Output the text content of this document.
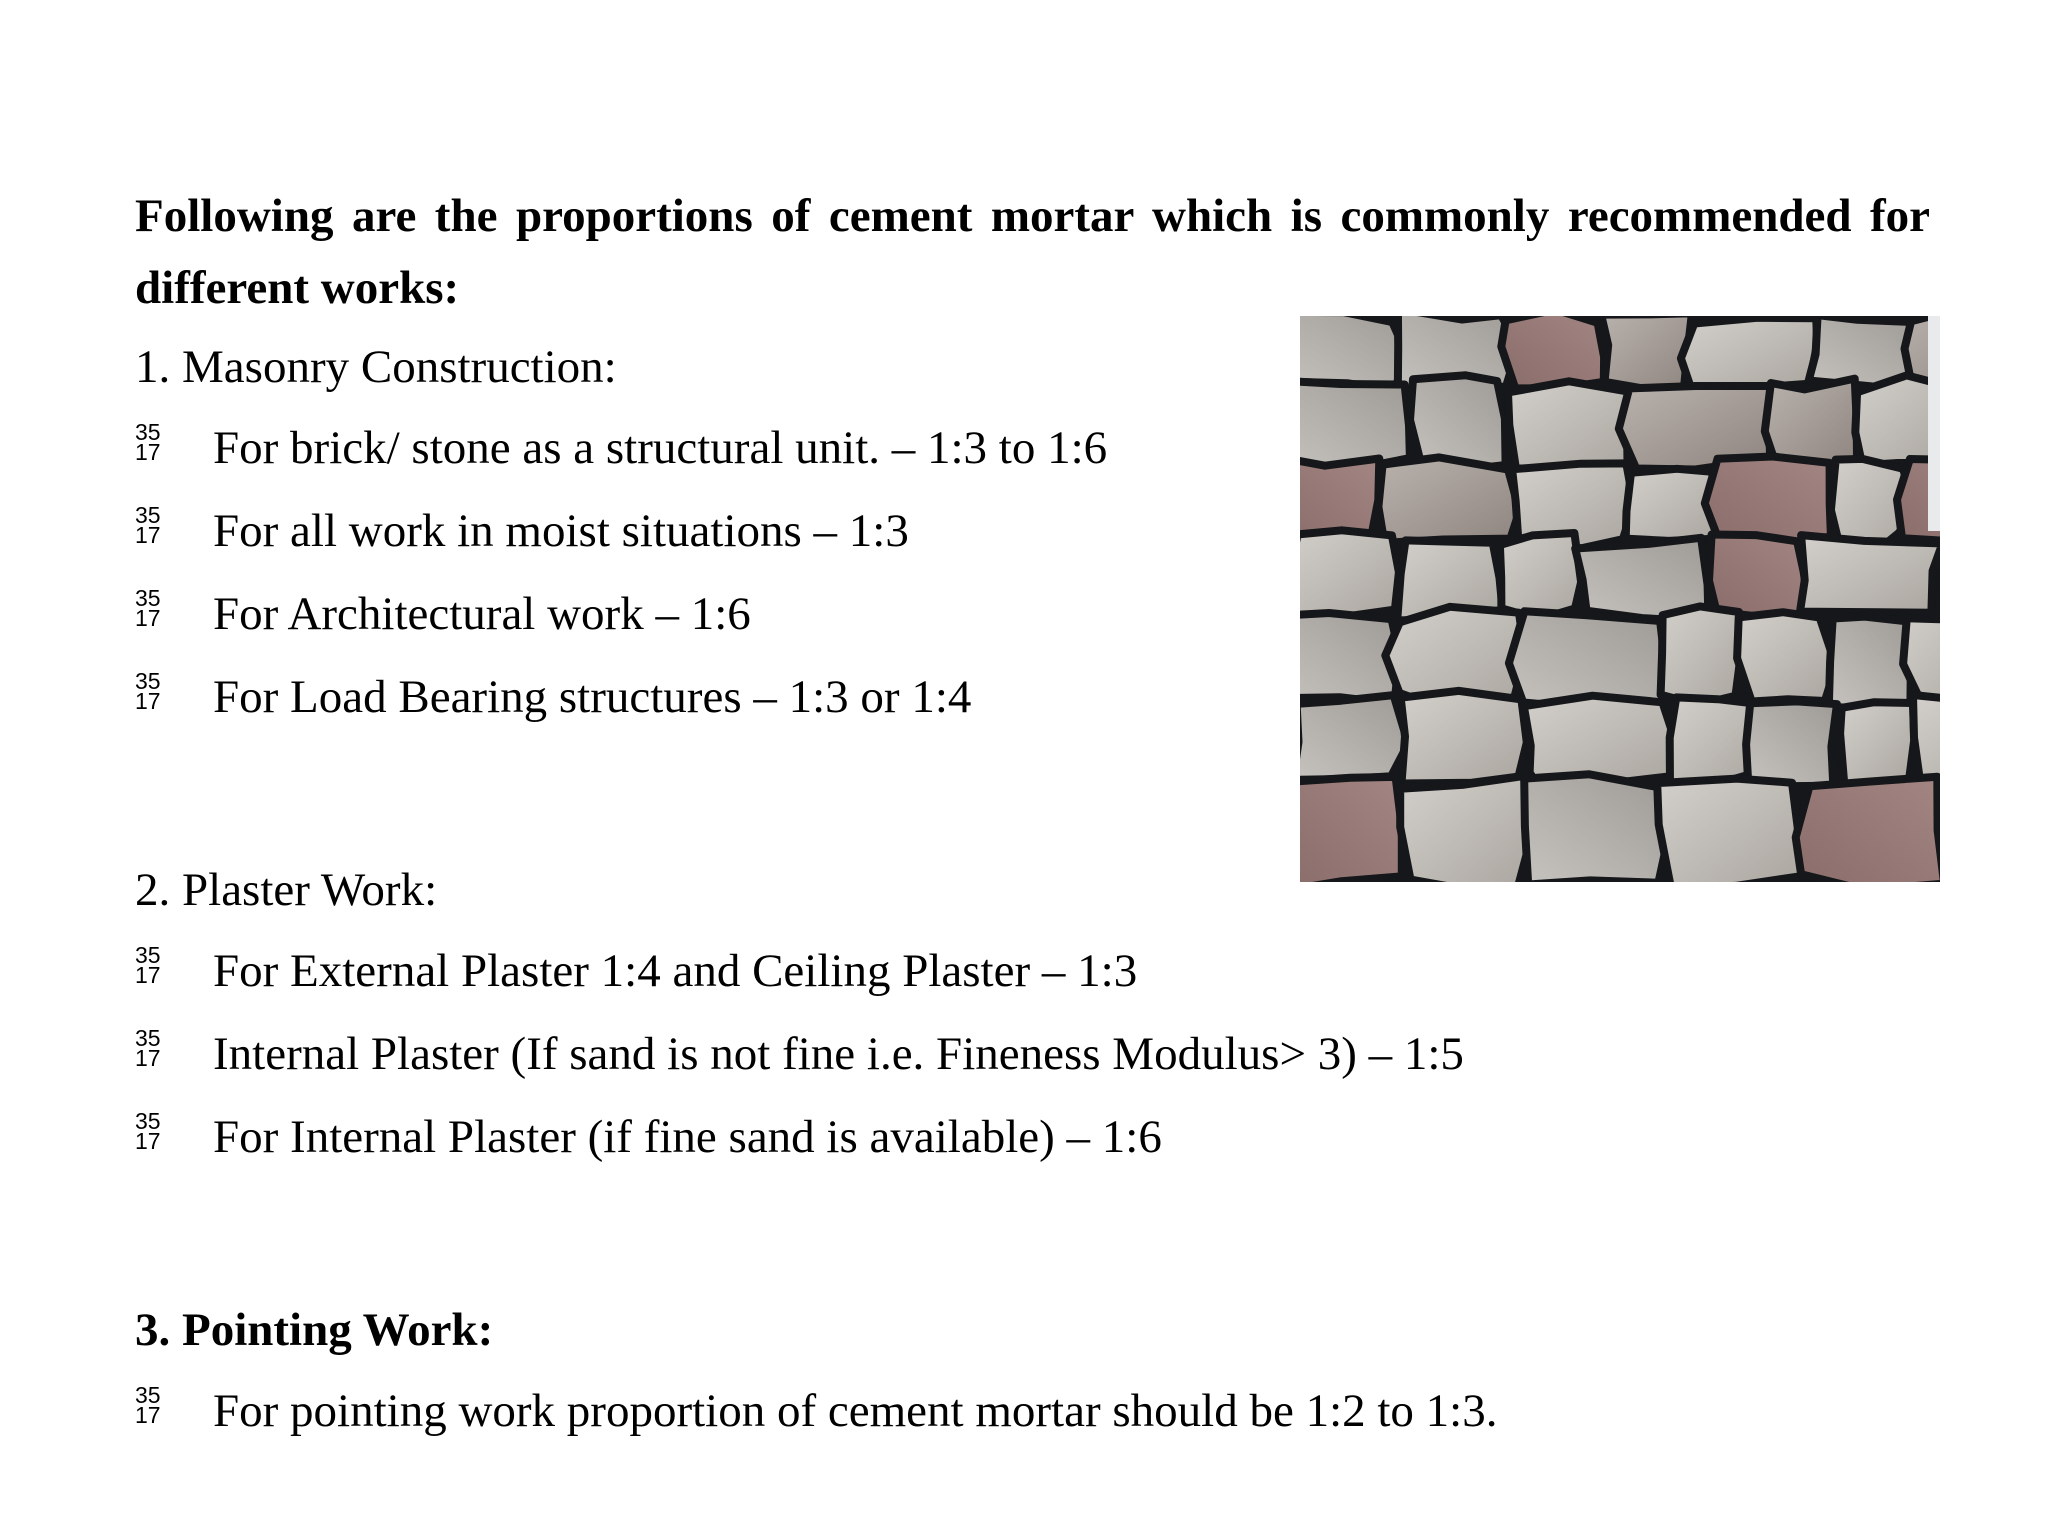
Following are the proportions of cement mortar which is commonly recommended for different works:
1. Masonry Construction:
35
17	For brick/ stone as a structural unit. – 1:3 to 1:6
35
17	For all work in moist situations – 1:3
35
17	For Architectural work – 1:6
35
17	For Load Bearing structures – 1:3 or 1:4
2. Plaster Work:
35
17	For External Plaster 1:4 and Ceiling Plaster – 1:3
35
17	Internal Plaster (If sand is not fine i.e. Fineness Modulus> 3) – 1:5
35
17	For Internal Plaster (if fine sand is available) – 1:6
3. Pointing Work:
35
17	For pointing work proportion of cement mortar should be 1:2 to 1:3.
